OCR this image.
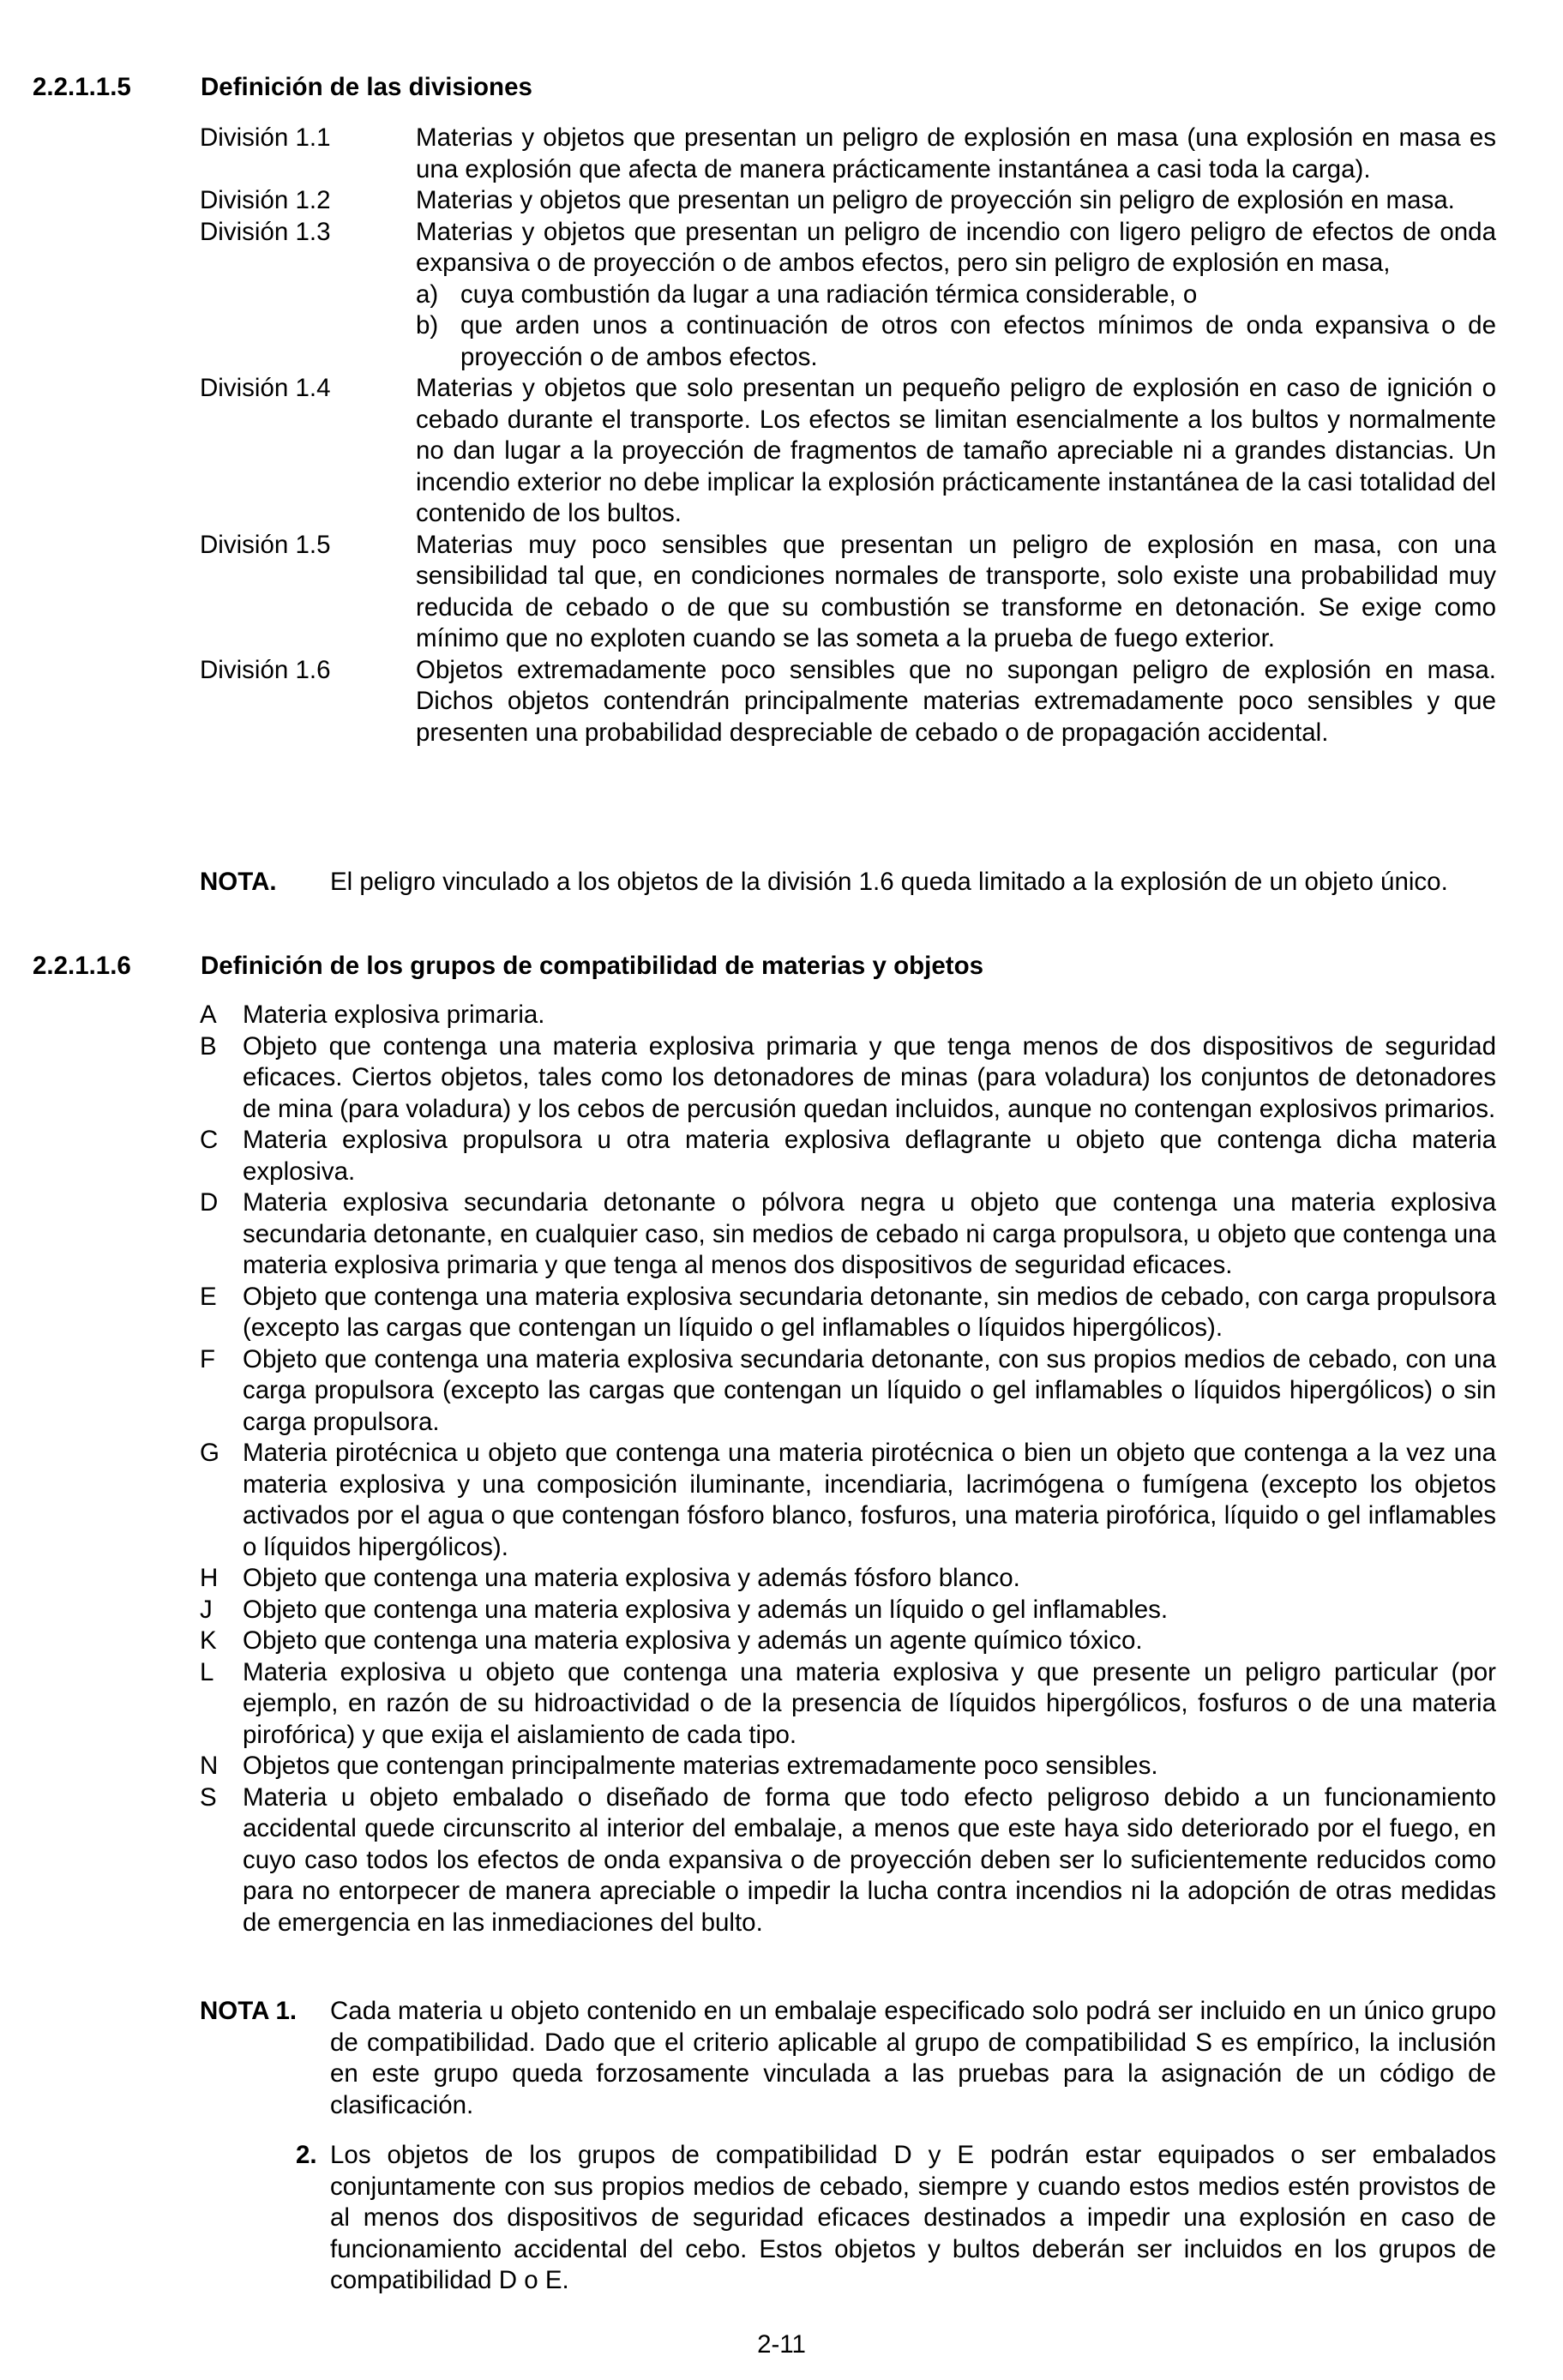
2.2.1.1.5	Definición de las divisiones
División 1.1	Materias y objetos que presentan un peligro de explosión en masa (una explosión en masa es una explosión que afecta de manera prácticamente instantánea a casi toda la carga).
División 1.2	Materias y objetos que presentan un peligro de proyección sin peligro de explosión en masa.
División 1.3	Materias y objetos que presentan un peligro de incendio con ligero peligro de efectos de onda expansiva o de proyección o de ambos efectos, pero sin peligro de explosión en masa,
a) cuya combustión da lugar a una radiación térmica considerable, o
b) que arden unos a continuación de otros con efectos mínimos de onda expansiva o de proyección o de ambos efectos.
División 1.4	Materias y objetos que solo presentan un pequeño peligro de explosión en caso de ignición o cebado durante el transporte. Los efectos se limitan esencialmente a los bultos y normalmente no dan lugar a la proyección de fragmentos de tamaño apreciable ni a grandes distancias. Un incendio exterior no debe implicar la explosión prácticamente instantánea de la casi totalidad del contenido de los bultos.
División 1.5	Materias muy poco sensibles que presentan un peligro de explosión en masa, con una sensibilidad tal que, en condiciones normales de transporte, solo existe una probabilidad muy reducida de cebado o de que su combustión se transforme en detonación. Se exige como mínimo que no exploten cuando se las someta a la prueba de fuego exterior.
División 1.6	Objetos extremadamente poco sensibles que no supongan peligro de explosión en masa. Dichos objetos contendrán principalmente materias extremadamente poco sensibles y que presenten una probabilidad despreciable de cebado o de propagación accidental.
NOTA. El peligro vinculado a los objetos de la división 1.6 queda limitado a la explosión de un objeto único.
2.2.1.1.6	Definición de los grupos de compatibilidad de materias y objetos
A Materia explosiva primaria.
B Objeto que contenga una materia explosiva primaria y que tenga menos de dos dispositivos de seguridad eficaces. Ciertos objetos, tales como los detonadores de minas (para voladura) los conjuntos de detonadores de mina (para voladura) y los cebos de percusión quedan incluidos, aunque no contengan explosivos primarios.
C Materia explosiva propulsora u otra materia explosiva deflagrante u objeto que contenga dicha materia explosiva.
D Materia explosiva secundaria detonante o pólvora negra u objeto que contenga una materia explosiva secundaria detonante, en cualquier caso, sin medios de cebado ni carga propulsora, u objeto que contenga una materia explosiva primaria y que tenga al menos dos dispositivos de seguridad eficaces.
E Objeto que contenga una materia explosiva secundaria detonante, sin medios de cebado, con carga propulsora (excepto las cargas que contengan un líquido o gel inflamables o líquidos hipergólicos).
F Objeto que contenga una materia explosiva secundaria detonante, con sus propios medios de cebado, con una carga propulsora (excepto las cargas que contengan un líquido o gel inflamables o líquidos hipergólicos) o sin carga propulsora.
G Materia pirotécnica u objeto que contenga una materia pirotécnica o bien un objeto que contenga a la vez una materia explosiva y una composición iluminante, incendiaria, lacrimógena o fumígena (excepto los objetos activados por el agua o que contengan fósforo blanco, fosfuros, una materia pirofórica, líquido o gel inflamables o líquidos hipergólicos).
H Objeto que contenga una materia explosiva y además fósforo blanco.
J Objeto que contenga una materia explosiva y además un líquido o gel inflamables.
K Objeto que contenga una materia explosiva y además un agente químico tóxico.
L Materia explosiva u objeto que contenga una materia explosiva y que presente un peligro particular (por ejemplo, en razón de su hidroactividad o de la presencia de líquidos hipergólicos, fosfuros o de una materia pirofórica) y que exija el aislamiento de cada tipo.
N Objetos que contengan principalmente materias extremadamente poco sensibles.
S Materia u objeto embalado o diseñado de forma que todo efecto peligroso debido a un funcionamiento accidental quede circunscrito al interior del embalaje, a menos que este haya sido deteriorado por el fuego, en cuyo caso todos los efectos de onda expansiva o de proyección deben ser lo suficientemente reducidos como para no entorpecer de manera apreciable o impedir la lucha contra incendios ni la adopción de otras medidas de emergencia en las inmediaciones del bulto.
NOTA 1. Cada materia u objeto contenido en un embalaje especificado solo podrá ser incluido en un único grupo de compatibilidad. Dado que el criterio aplicable al grupo de compatibilidad S es empírico, la inclusión en este grupo queda forzosamente vinculada a las pruebas para la asignación de un código de clasificación.
2. Los objetos de los grupos de compatibilidad D y E podrán estar equipados o ser embalados conjuntamente con sus propios medios de cebado, siempre y cuando estos medios estén provistos de al menos dos dispositivos de seguridad eficaces destinados a impedir una explosión en caso de funcionamiento accidental del cebo. Estos objetos y bultos deberán ser incluidos en los grupos de compatibilidad D o E.
2-11
